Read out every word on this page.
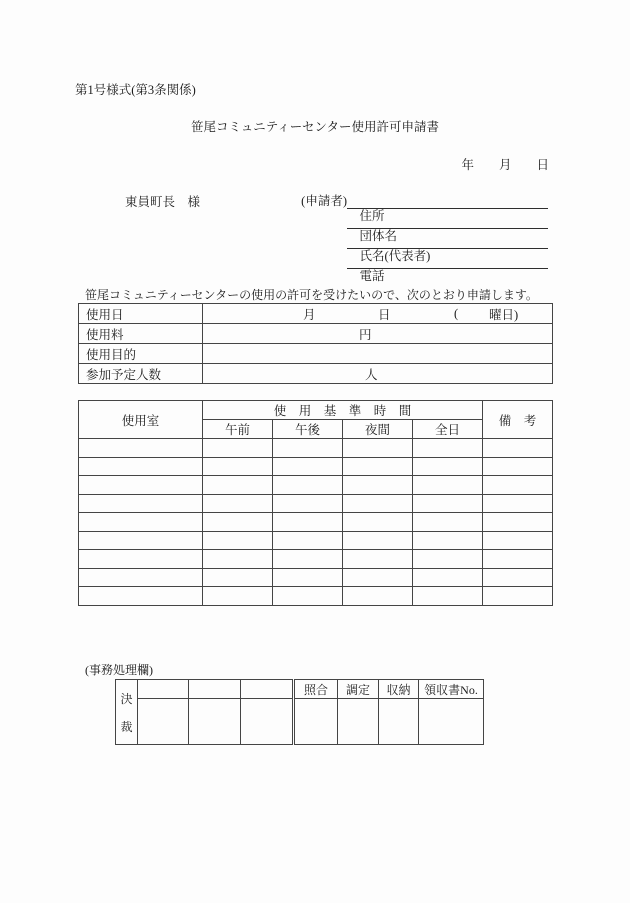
第1号様式(第3条関係)
笹尾コミュニティーセンター使用許可申請書
年　　月　　日
東員町長　様	(申請者)

住所

団体名

氏名(代表者)

電話

笹尾コミュニティーセンターの使用の許可を受けたいので、次のとおり申請します。
使用日	月 日 ( 曜日)

使用料	円

使用目的	
参加予定人数	人
使用室	使　用　基　準　時　間				備　考
	午前	午後	夜間	全日	

(事務処理欄)
決
裁				照合	調定	収納	領収書No.
